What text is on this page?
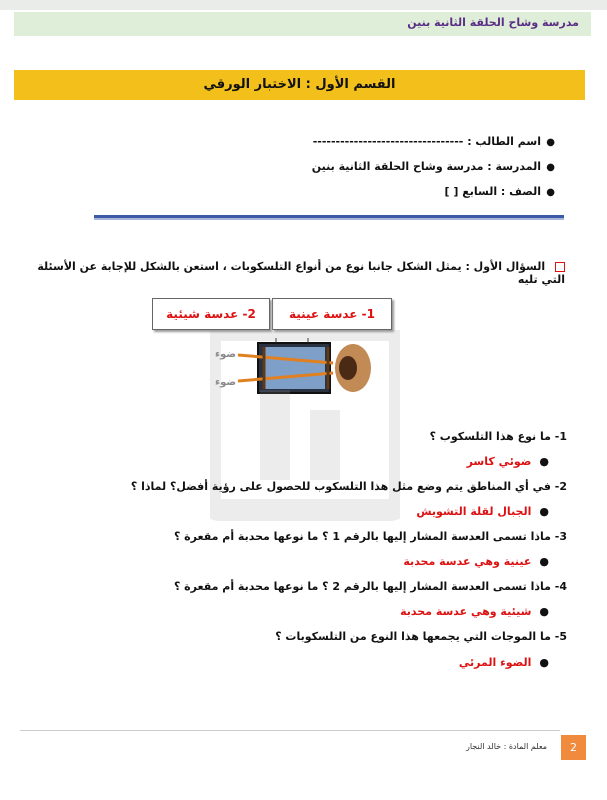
مدرسة وشاح الحلقة الثانية بنين
القسم الأول : الاختبار الورقي
●
اسم الطالب : ---------------------------------
●
المدرسة : مدرسة وشاح الحلقة الثانية بنين
●
الصف : السابع [ ]
السؤال الأول : يمثل الشكل جانبا نوع من أنواع التلسكوبات ، استعن بالشكل للإجابة عن الأسئلة التي تليه
1- عدسة عينية
2- عدسة شيئية
ضوء
ضوء
1- ما نوع هذا التلسكوب ؟
●ضوئي كاسر
2- في أي المناطق يتم وضع مثل هذا التلسكوب للحصول على رؤية أفضل؟ لماذا ؟
●الجبال لقلة التشويش
3- ماذا تسمى العدسة المشار إليها بالرقم 1 ؟ ما نوعها محدبة أم مقعرة ؟
●عينية وهي عدسة محدبة
4- ماذا تسمى العدسة المشار إليها بالرقم 2 ؟ ما نوعها محدبة أم مقعرة ؟
●شيئية وهي عدسة محدبة
5- ما الموجات التي يجمعها هذا النوع من التلسكوبات ؟
●الضوء المرئي
معلم المادة : خالد النجار	2
